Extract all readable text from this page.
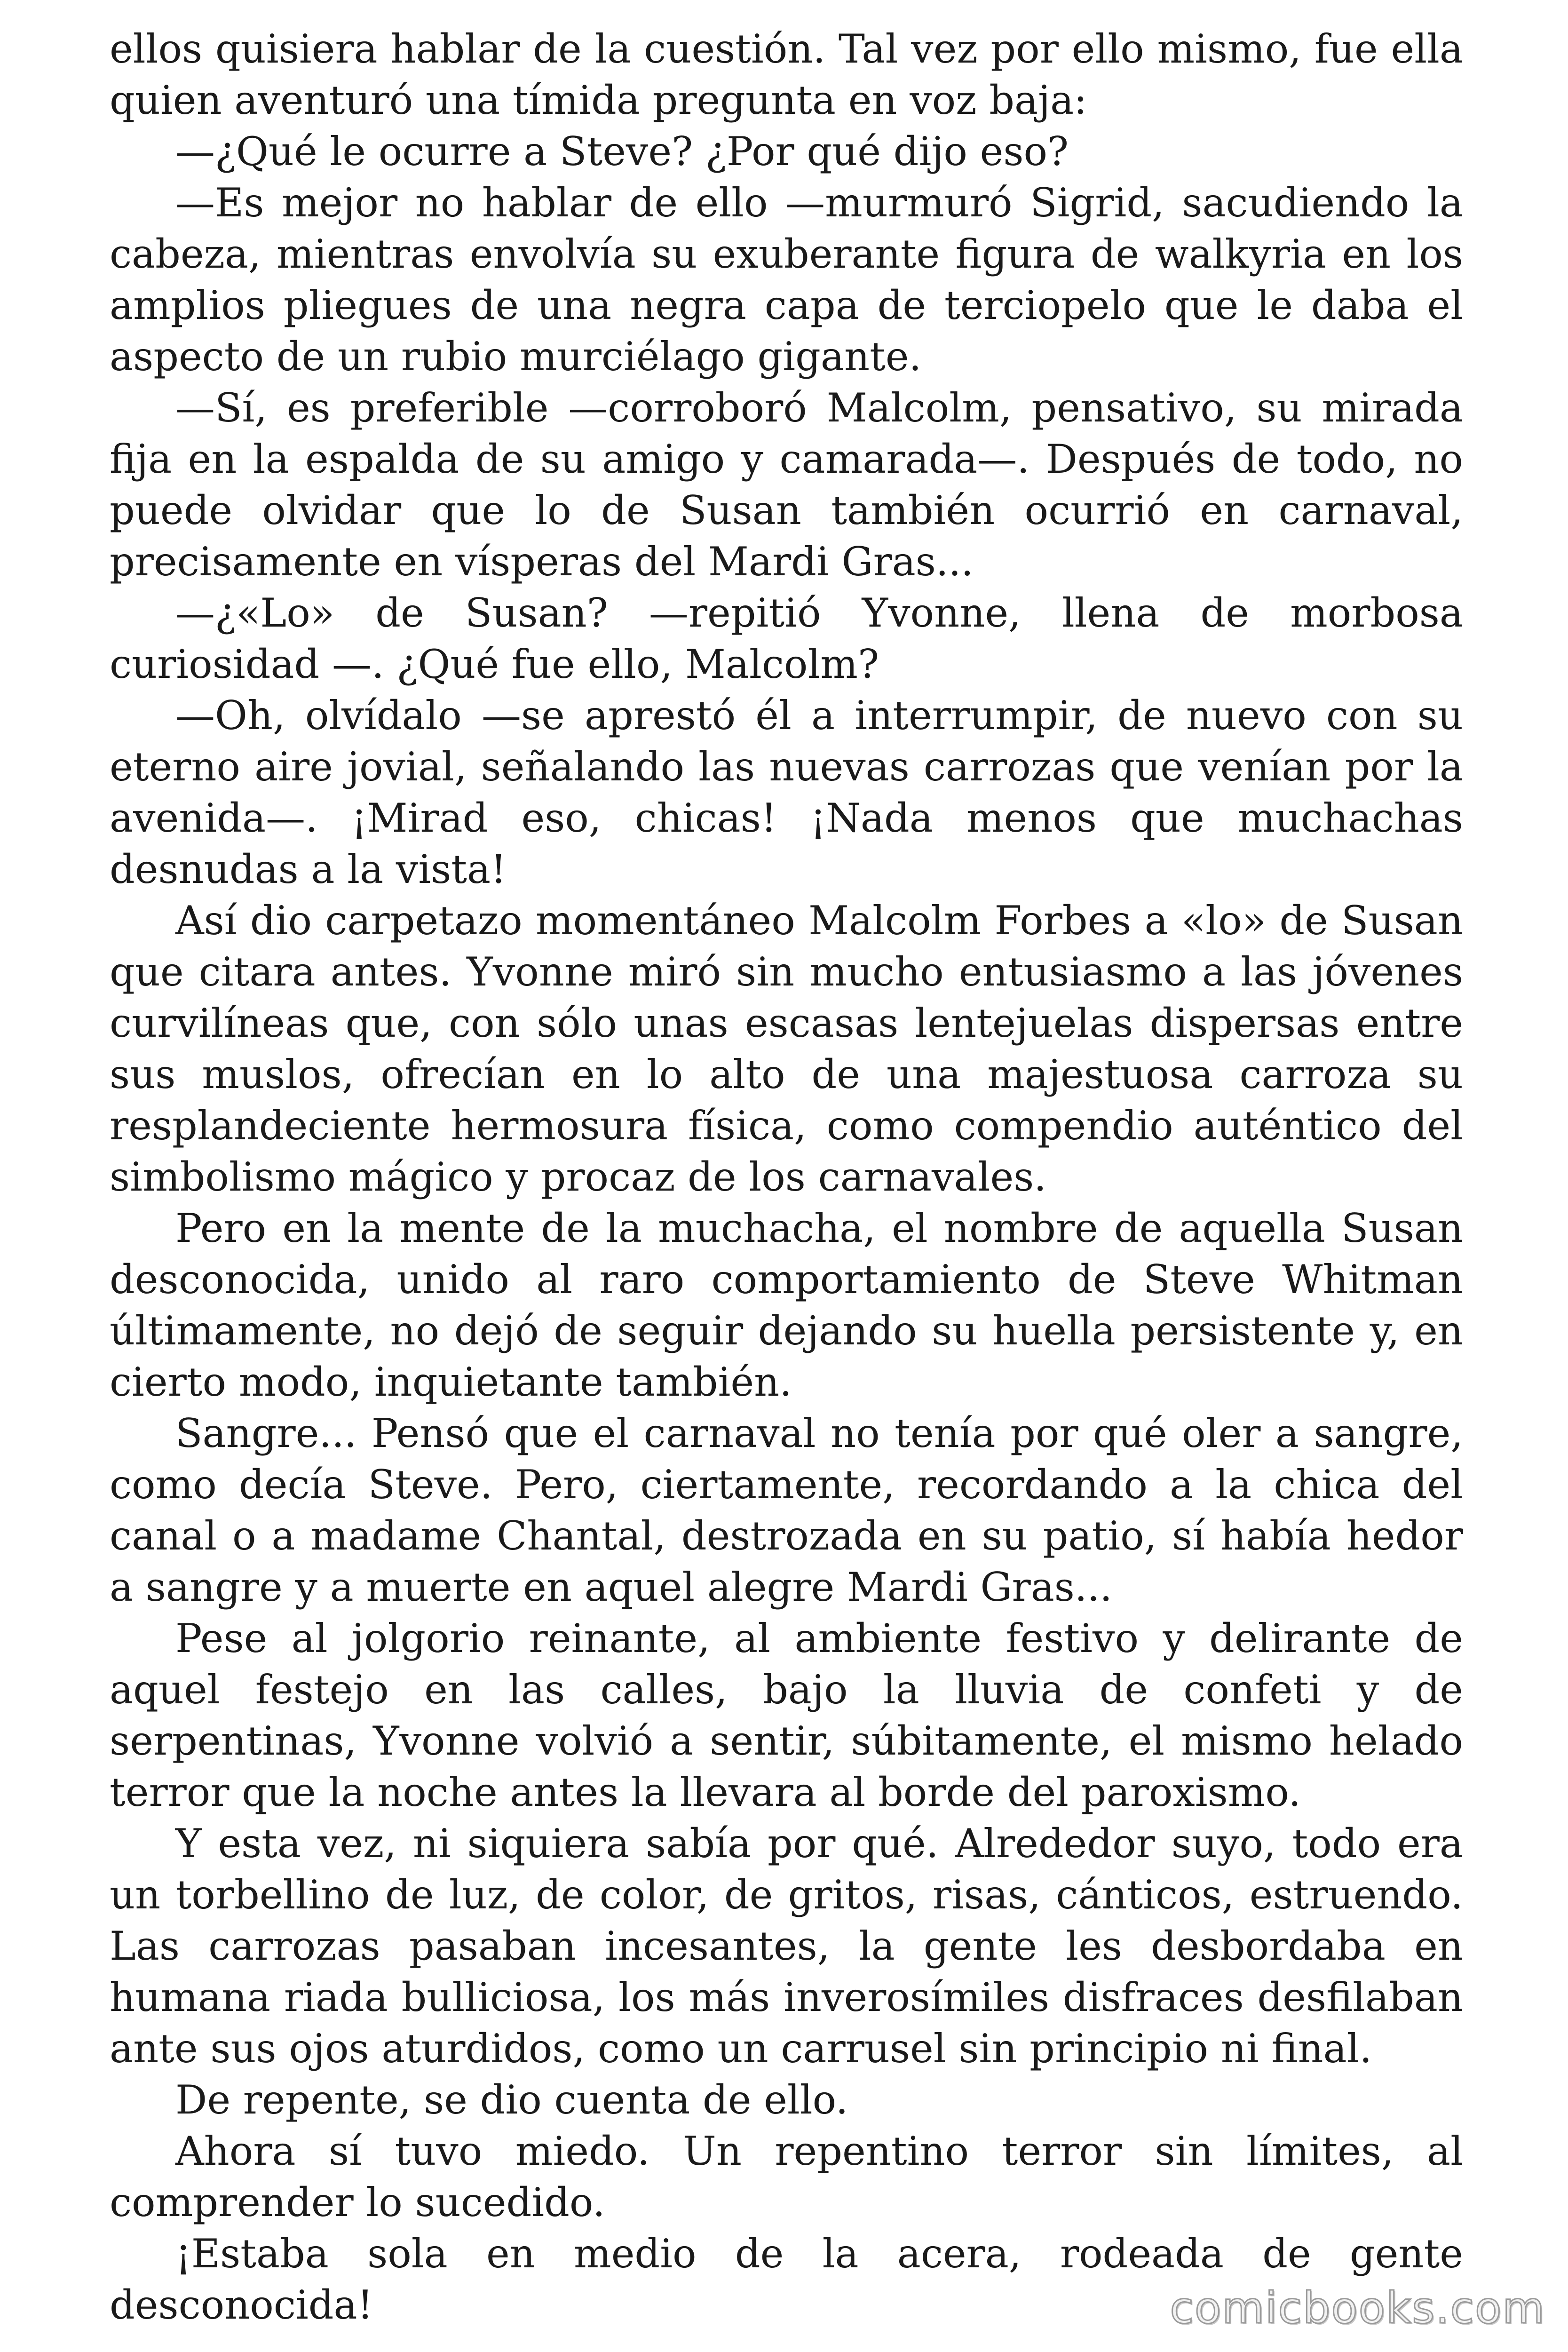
ellos quisiera hablar de la cuestión. Tal vez por ello mismo, fue ella quien aventuró una tímida pregunta en voz baja:

—¿Qué le ocurre a Steve? ¿Por qué dijo eso?

—Es mejor no hablar de ello —murmuró Sigrid, sacudiendo la cabeza, mientras envolvía su exuberante figura de walkyria en los amplios pliegues de una negra capa de terciopelo que le daba el aspecto de un rubio murciélago gigante.

—Sí, es preferible —corroboró Malcolm, pensativo, su mirada fija en la espalda de su amigo y camarada—. Después de todo, no puede olvidar que lo de Susan también ocurrió en carnaval, precisamente en vísperas del Mardi Gras...

—¿«Lo» de Susan? —repitió Yvonne, llena de morbosa curiosidad —. ¿Qué fue ello, Malcolm?

—Oh, olvídalo —se aprestó él a interrumpir, de nuevo con su eterno aire jovial, señalando las nuevas carrozas que venían por la avenida—. ¡Mirad eso, chicas! ¡Nada menos que muchachas desnudas a la vista!

Así dio carpetazo momentáneo Malcolm Forbes a «lo» de Susan que citara antes. Yvonne miró sin mucho entusiasmo a las jóvenes curvilíneas que, con sólo unas escasas lentejuelas dispersas entre sus muslos, ofrecían en lo alto de una majestuosa carroza su resplandeciente hermosura física, como compendio auténtico del simbolismo mágico y procaz de los carnavales.

Pero en la mente de la muchacha, el nombre de aquella Susan desconocida, unido al raro comportamiento de Steve Whitman últimamente, no dejó de seguir dejando su huella persistente y, en cierto modo, inquietante también.

Sangre... Pensó que el carnaval no tenía por qué oler a sangre, como decía Steve. Pero, ciertamente, recordando a la chica del canal o a madame Chantal, destrozada en su patio, sí había hedor a sangre y a muerte en aquel alegre Mardi Gras...

Pese al jolgorio reinante, al ambiente festivo y delirante de aquel festejo en las calles, bajo la lluvia de confeti y de serpentinas, Yvonne volvió a sentir, súbitamente, el mismo helado terror que la noche antes la llevara al borde del paroxismo.

Y esta vez, ni siquiera sabía por qué. Alrededor suyo, todo era un torbellino de luz, de color, de gritos, risas, cánticos, estruendo. Las carrozas pasaban incesantes, la gente les desbordaba en humana riada bulliciosa, los más inverosímiles disfraces desfilaban ante sus ojos aturdidos, como un carrusel sin principio ni final.

De repente, se dio cuenta de ello.

Ahora sí tuvo miedo. Un repentino terror sin límites, al comprender lo sucedido.

¡Estaba sola en medio de la acera, rodeada de gente desconocida!	comicbooks.com
